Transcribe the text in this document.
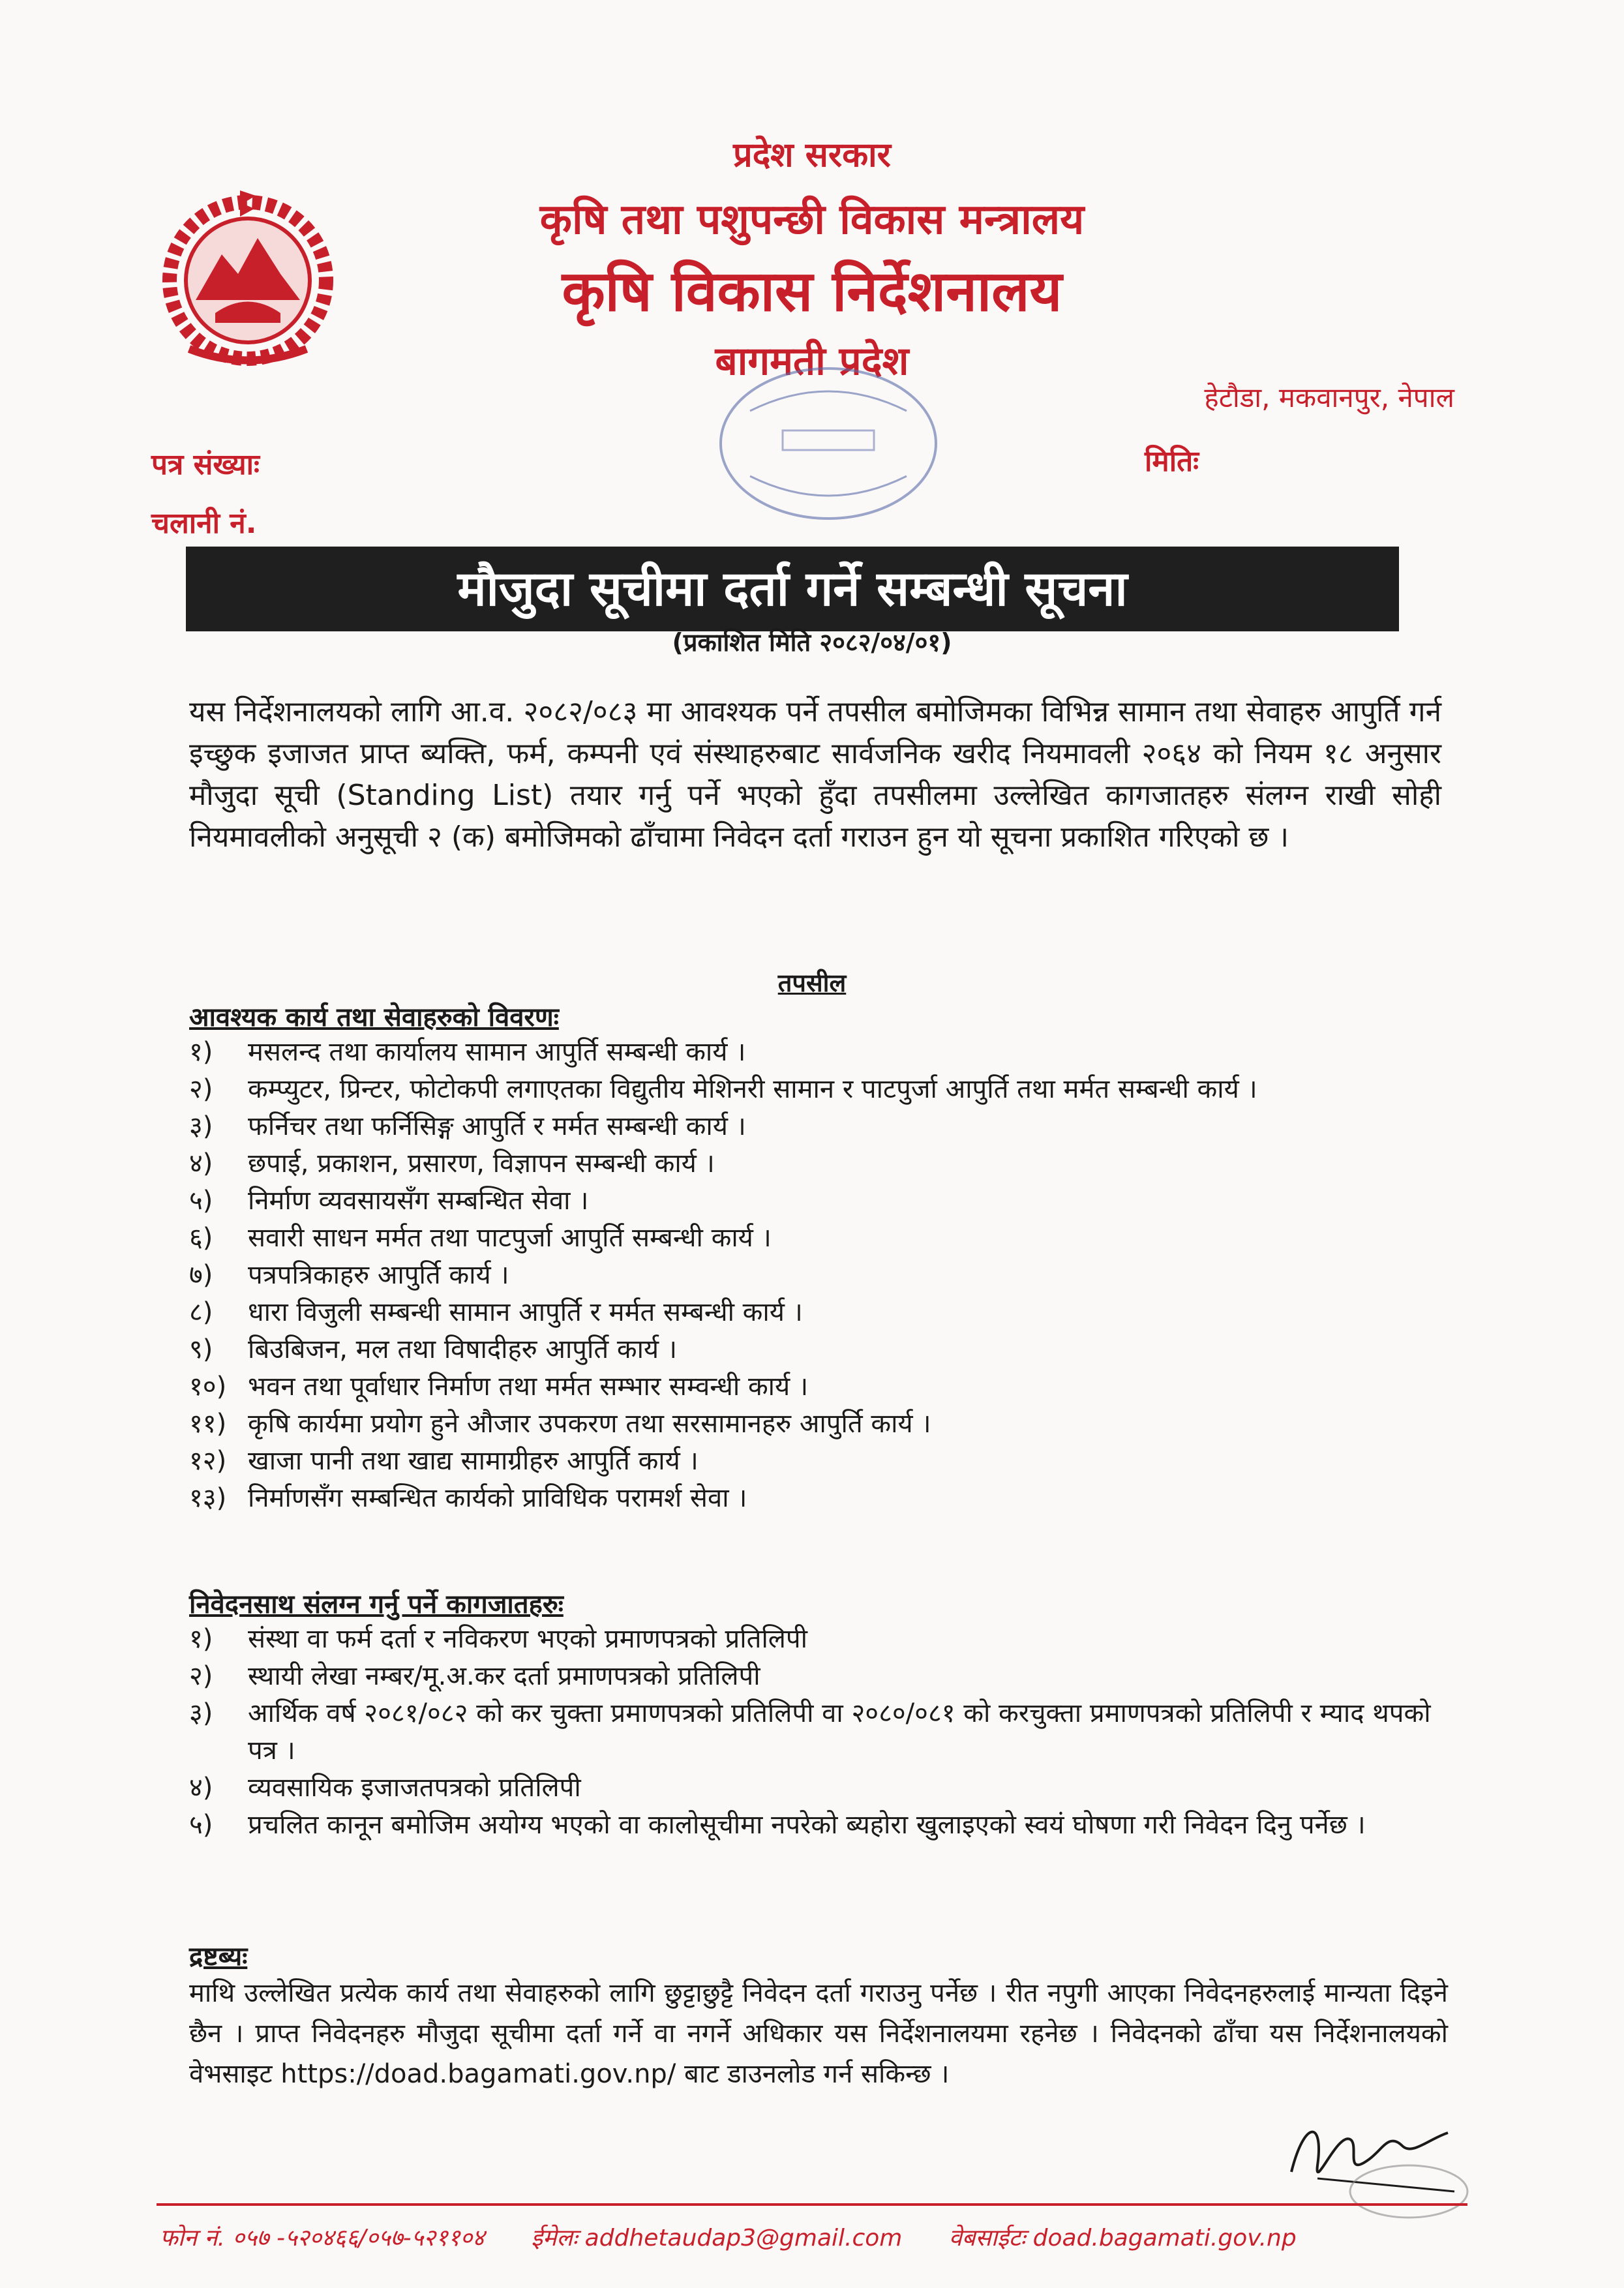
प्रदेश सरकार
कृषि तथा पशुपन्छी विकास मन्त्रालय
कृषि विकास निर्देशनालय
बागमती प्रदेश
हेटौडा, मकवानपुर, नेपाल
पत्र संख्याः
चलानी नं.
मितिः
मौजुदा सूचीमा दर्ता गर्ने सम्बन्धी सूचना
(प्रकाशित मिति २०८२/०४/०१)
यस निर्देशनालयको लागि आ.व. २०८२/०८३ मा आवश्यक पर्ने तपसील बमोजिमका विभिन्न सामान तथा सेवाहरु आपुर्ति गर्न इच्छुक इजाजत प्राप्त ब्यक्ति, फर्म, कम्पनी एवं संस्थाहरुबाट सार्वजनिक खरीद नियमावली २०६४ को नियम १८ अनुसार मौजुदा सूची (Standing List) तयार गर्नु पर्ने भएको हुँदा तपसीलमा उल्लेखित कागजातहरु संलग्न राखी सोही नियमावलीको अनुसूची २ (क) बमोजिमको ढाँचामा निवेदन दर्ता गराउन हुन यो सूचना प्रकाशित गरिएको छ ।
तपसील
आवश्यक कार्य तथा सेवाहरुको विवरणः
१) मसलन्द तथा कार्यालय सामान आपुर्ति सम्बन्धी कार्य ।
२) कम्प्युटर, प्रिन्टर, फोटोकपी लगाएतका विद्युतीय मेशिनरी सामान र पाटपुर्जा आपुर्ति तथा मर्मत सम्बन्धी कार्य ।
३) फर्निचर तथा फर्निसिङ्ग आपुर्ति र मर्मत सम्बन्धी कार्य ।
४) छपाई, प्रकाशन, प्रसारण, विज्ञापन सम्बन्धी कार्य ।
५) निर्माण व्यवसायसँग सम्बन्धित सेवा ।
६) सवारी साधन मर्मत तथा पाटपुर्जा आपुर्ति सम्बन्धी कार्य ।
७) पत्रपत्रिकाहरु आपुर्ति कार्य ।
८) धारा विजुली सम्बन्धी सामान आपुर्ति र मर्मत सम्बन्धी कार्य ।
९) बिउबिजन, मल तथा विषादीहरु आपुर्ति कार्य ।
१०) भवन तथा पूर्वाधार निर्माण तथा मर्मत सम्भार सम्वन्धी कार्य ।
११) कृषि कार्यमा प्रयोग हुने औजार उपकरण तथा सरसामानहरु आपुर्ति कार्य ।
१२) खाजा पानी तथा खाद्य सामाग्रीहरु आपुर्ति कार्य ।
१३) निर्माणसँग सम्बन्धित कार्यको प्राविधिक परामर्श सेवा ।
निवेदनसाथ संलग्न गर्नु पर्ने कागजातहरुः
१) संस्था वा फर्म दर्ता र नविकरण भएको प्रमाणपत्रको प्रतिलिपी
२) स्थायी लेखा नम्बर/मू.अ.कर दर्ता प्रमाणपत्रको प्रतिलिपी
३) आर्थिक वर्ष २०८१/०८२ को कर चुक्ता प्रमाणपत्रको प्रतिलिपी वा २०८०/०८१ को करचुक्ता प्रमाणपत्रको प्रतिलिपी र म्याद थपको पत्र ।
४) व्यवसायिक इजाजतपत्रको प्रतिलिपी
५) प्रचलित कानून बमोजिम अयोग्य भएको वा कालोसूचीमा नपरेको ब्यहोरा खुलाइएको स्वयं घोषणा गरी निवेदन दिनु पर्नेछ ।
द्रष्टब्यः
माथि उल्लेखित प्रत्येक कार्य तथा सेवाहरुको लागि छुट्टाछुट्टै निवेदन दर्ता गराउनु पर्नेछ । रीत नपुगी आएका निवेदनहरुलाई मान्यता दिइने छैन । प्राप्त निवेदनहरु मौजुदा सूचीमा दर्ता गर्ने वा नगर्ने अधिकार यस निर्देशनालयमा रहनेछ । निवेदनको ढाँचा यस निर्देशनालयको वेभसाइट https://doad.bagamati.gov.np/ बाट डाउनलोड गर्न सकिन्छ ।
फोन नं. ०५७ -५२०४६६/०५७-५२११०४ ईमेलः addhetaudap3@gmail.com वेबसाईटः doad.bagamati.gov.np
